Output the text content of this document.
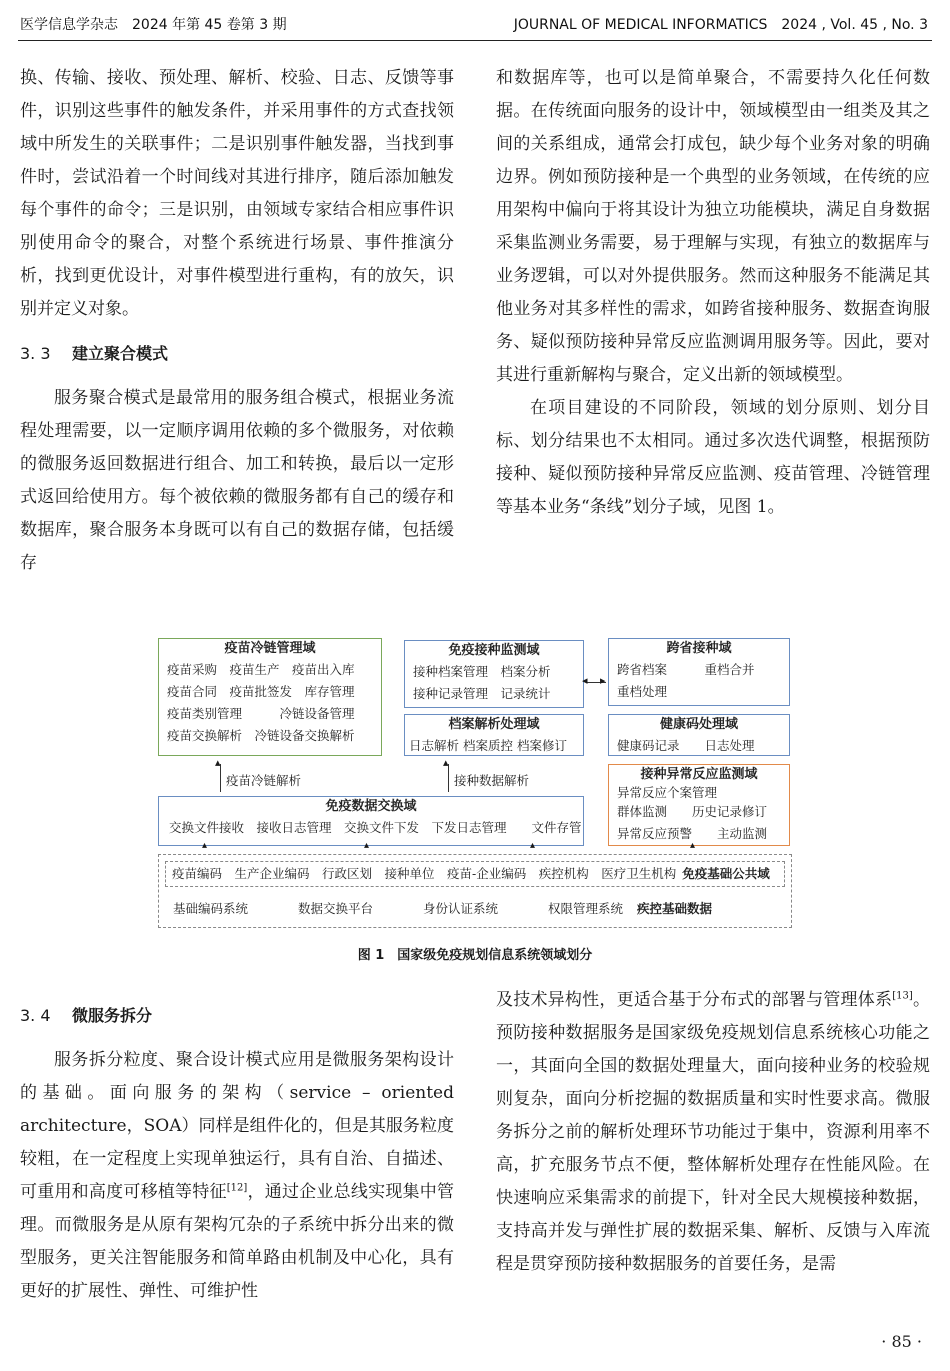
医学信息学杂志　2024 年第 45 卷第 3 期	JOURNAL OF MEDICAL INFORMATICS　2024 , Vol. 45 , No. 3

换、传输、接收、预处理、解析、校验、日志、反馈等事件，识别这些事件的触发条件，并采用事件的方式查找领域中所发生的关联事件；二是识别事件触发器，当找到事件时，尝试沿着一个时间线对其进行排序，随后添加触发每个事件的命令；三是识别，由领域专家结合相应事件识别使用命令的聚合，对整个系统进行场景、事件推演分析，找到更优设计，对事件模型进行重构，有的放矢，识别并定义对象。

3. 3 建立聚合模式

服务聚合模式是最常用的服务组合模式，根据业务流程处理需要，以一定顺序调用依赖的多个微服务，对依赖的微服务返回数据进行组合、加工和转换，最后以一定形式返回给使用方。每个被依赖的微服务都有自己的缓存和数据库，聚合服务本身既可以有自己的数据存储，包括缓存

和数据库等，也可以是简单聚合，不需要持久化任何数据。在传统面向服务的设计中，领域模型由一组类及其之间的关系组成，通常会打成包，缺少每个业务对象的明确边界。例如预防接种是一个典型的业务领域，在传统的应用架构中偏向于将其设计为独立功能模块，满足自身数据采集监测业务需要，易于理解与实现，有独立的数据库与业务逻辑，可以对外提供服务。然而这种服务不能满足其他业务对其多样性的需求，如跨省接种服务、数据查询服务、疑似预防接种异常反应监测调用服务等。因此，要对其进行重新解构与聚合，定义出新的领域模型。

在项目建设的不同阶段，领域的划分原则、划分目标、划分结果也不太相同。通过多次迭代调整，根据预防接种、疑似预防接种异常反应监测、疫苗管理、冷链管理等基本业务“条线”划分子域，见图 1。

疫苗冷链管理域
疫苗采购　疫苗生产　疫苗出入库
疫苗合同　疫苗批签发　库存管理
疫苗类别管理　　　冷链设备管理
疫苗交换解析　冷链设备交换解析
免疫接种监测域
接种档案管理　档案分析
接种记录管理　记录统计
跨省接种域
跨省档案　　　重档合并
重档处理
◂ ▸
档案解析处理域
日志解析 档案质控 档案修订
健康码处理域
健康码记录　　日志处理
接种异常反应监测域
异常反应个案管理
群体监测　　历史记录修订
异常反应预警　　主动监测
▴
疫苗冷链解析
▴
接种数据解析
免疫数据交换域
交换文件接收　接收日志管理　交换文件下发　下发日志管理　　文件存管
▴	▴	▴	▴
疫苗编码　生产企业编码　行政区划　接种单位　疫苗-企业编码　疾控机构　医疗卫生机构 免疫基础公共域
基础编码系统　　　　数据交换平台　　　　身份认证系统　　　　权限管理系统 疾控基础数据
图 1　国家级免疫规划信息系统领域划分

3. 4 微服务拆分

服务拆分粒度、聚合设计模式应用是微服务架构设计的基础。面向服务的架构（service – oriented architecture，SOA）同样是组件化的，但是其服务粒度较粗，在一定程度上实现单独运行，具有自治、自描述、可重用和高度可移植等特征[12]，通过企业总线实现集中管理。而微服务是从原有架构冗杂的子系统中拆分出来的微型服务，更关注智能服务和简单路由机制及中心化，具有更好的扩展性、弹性、可维护性

及技术异构性，更适合基于分布式的部署与管理体系[13]。预防接种数据服务是国家级免疫规划信息系统核心功能之一，其面向全国的数据处理量大，面向接种业务的校验规则复杂，面向分析挖掘的数据质量和实时性要求高。微服务拆分之前的解析处理环节功能过于集中，资源利用率不高，扩充服务节点不便，整体解析处理存在性能风险。在快速响应采集需求的前提下，针对全民大规模接种数据，支持高并发与弹性扩展的数据采集、解析、反馈与入库流程是贯穿预防接种数据服务的首要任务，是需

· 85 ·
